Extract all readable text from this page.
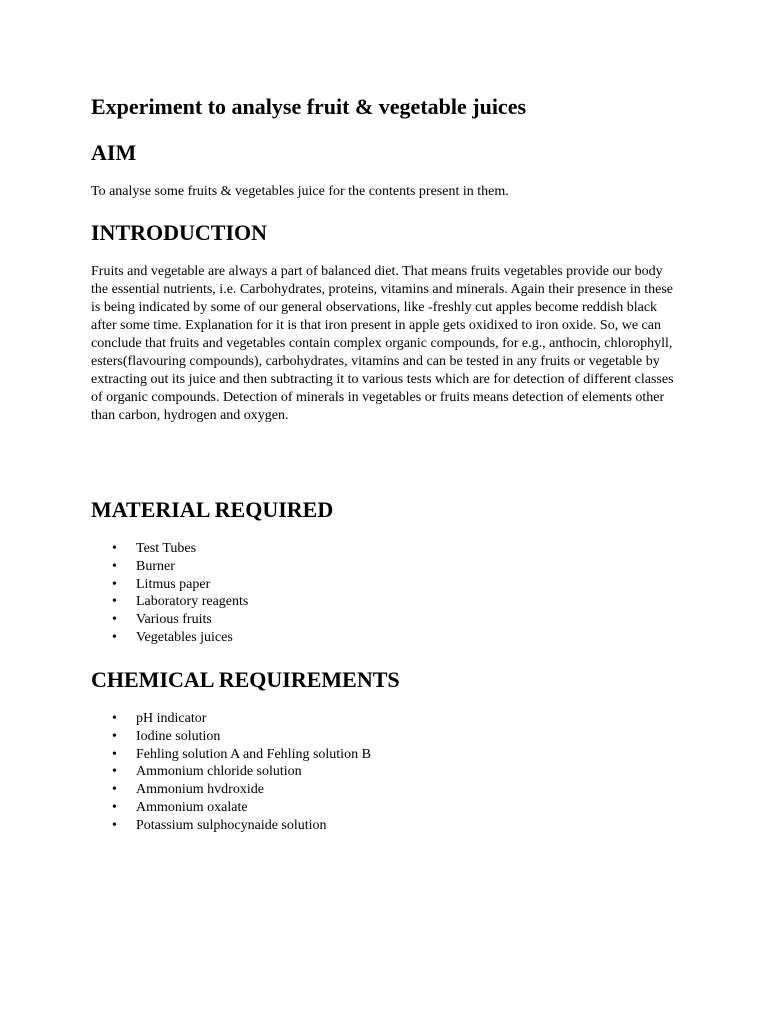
Experiment to analyse fruit & vegetable juices
AIM

To analyse some fruits & vegetables juice for the contents present in them.

INTRODUCTION

Fruits and vegetable are always a part of balanced diet. That means fruits vegetables provide our body the essential nutrients, i.e. Carbohydrates, proteins, vitamins and minerals. Again their presence in these is being indicated by some of our general observations, like -freshly cut apples become reddish black after some time. Explanation for it is that iron present in apple gets oxidixed to iron oxide. So, we can conclude that fruits and vegetables contain complex organic compounds, for e.g., anthocin, chlorophyll, esters(flavouring compounds), carbohydrates, vitamins and can be tested in any fruits or vegetable by extracting out its juice and then subtracting it to various tests which are for detection of different classes of organic compounds. Detection of minerals in vegetables or fruits means detection of elements other than carbon, hydrogen and oxygen.

MATERIAL REQUIRED
• Test Tubes
• Burner
• Litmus paper
• Laboratory reagents
• Various fruits
• Vegetables juices
CHEMICAL REQUIREMENTS
• pH indicator
• Iodine solution
• Fehling solution A and Fehling solution B
• Ammonium chloride solution
• Ammonium hvdroxide
• Ammonium oxalate
• Potassium sulphocynaide solution
